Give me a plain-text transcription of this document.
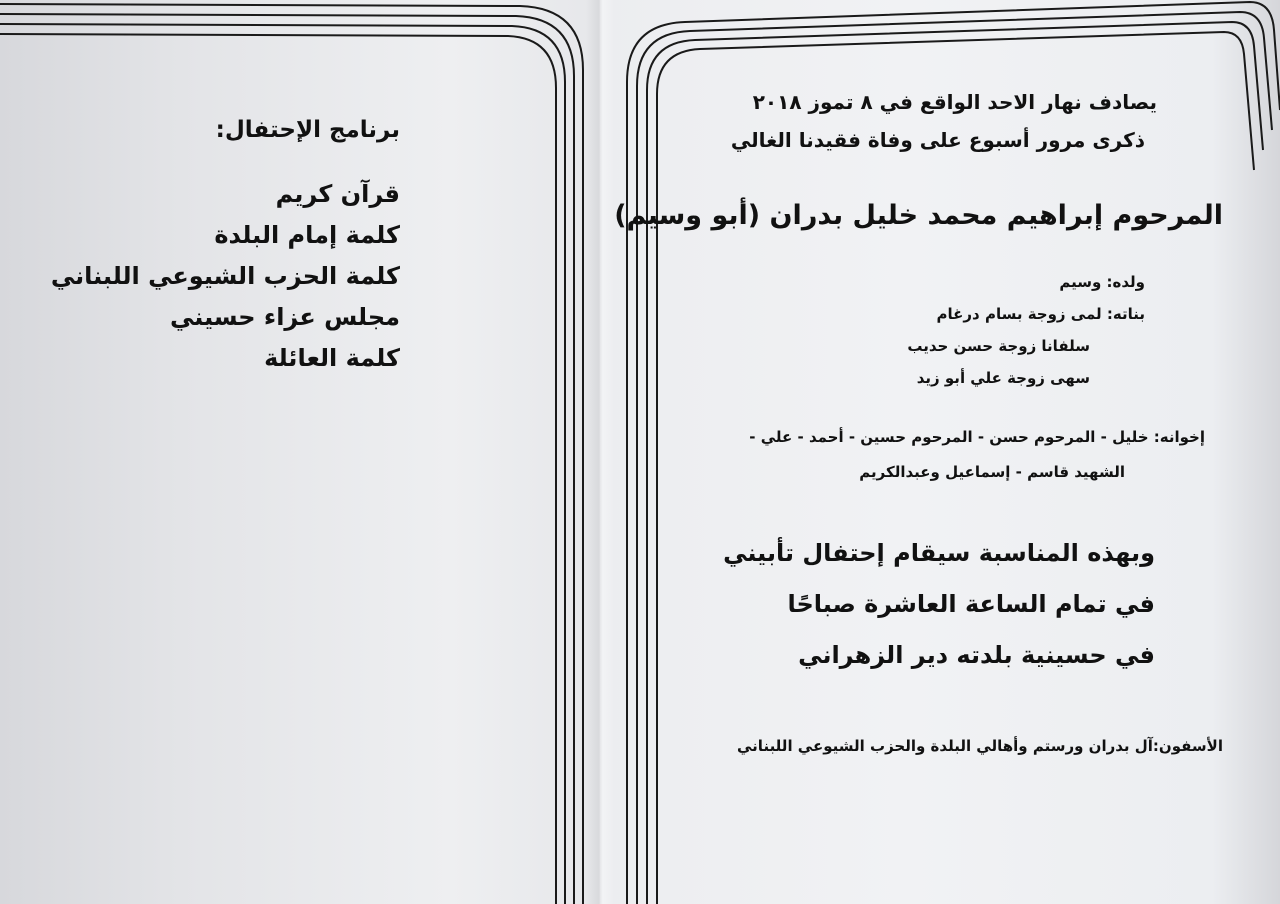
برنامج الإحتفال:
قرآن كريم
كلمة إمام البلدة
كلمة الحزب الشيوعي اللبناني
مجلس عزاء حسيني
كلمة العائلة

يصادف نهار الاحد الواقع في ٨ تموز ٢٠١٨

ذكرى مرور أسبوع على وفاة فقيدنا الغالي

المرحوم إبراهيم محمد خليل بدران (أبو وسيم)

ولده: وسيم

بناته: لمى زوجة بسام درغام

سلفانا زوجة حسن حديب

سهى زوجة علي أبو زيد

إخوانه: خليل - المرحوم حسن - المرحوم حسين - أحمد - علي -

الشهيد قاسم - إسماعيل وعبدالكريم

وبهذه المناسبة سيقام إحتفال تأبيني

في تمام الساعة العاشرة صباحًا

في حسينية بلدته دير الزهراني

الأسفون:آل بدران ورستم وأهالي البلدة والحزب الشيوعي اللبناني
